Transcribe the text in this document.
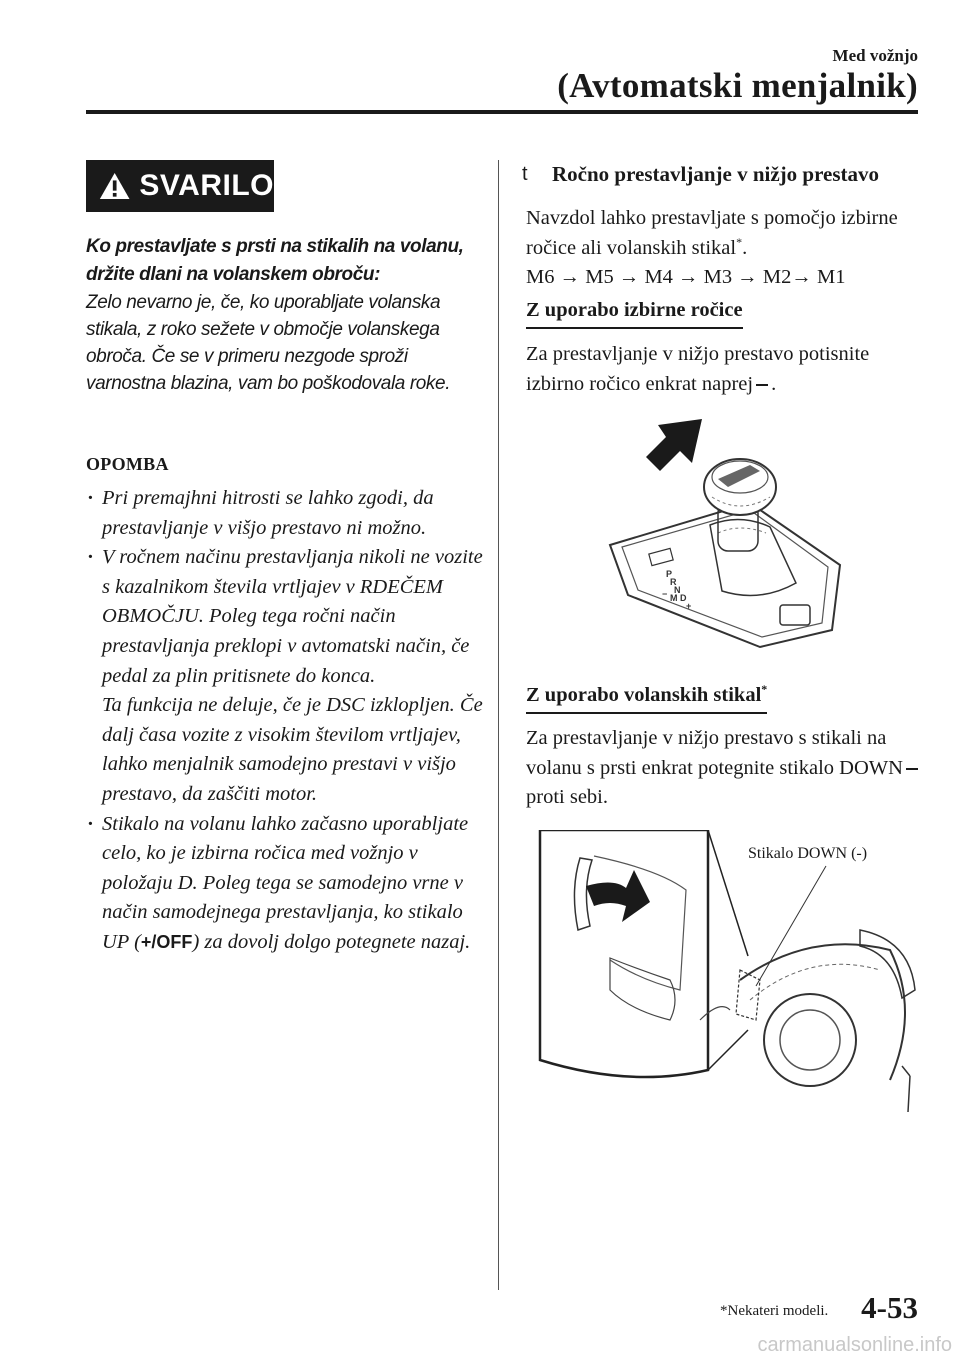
Med vožnjo
(Avtomatski menjalnik)
SVARILO
Ko prestavljate s prsti na stikalih na volanu, držite dlani na volanskem obroču:
Zelo nevarno je, če, ko uporabljate volanska stikala, z roko sežete v območje volanskega obroča. Če se v primeru nezgode sproži varnostna blazina, vam bo poškodovala roke.
OPOMBA
· Pri premajhni hitrosti se lahko zgodi, da prestavljanje v višjo prestavo ni možno.
· V ročnem načinu prestavljanja nikoli ne vozite s kazalnikom števila vrtljajev v RDEČEM OBMOČJU. Poleg tega ročni način prestavljanja preklopi v avtomatski način, če pedal za plin pritisnete do konca.
Ta funkcija ne deluje, če je DSC izklopljen. Če dalj časa vozite z visokim številom vrtljajev, lahko menjalnik samodejno prestavi v višjo prestavo, da zaščiti motor.
· Stikalo na volanu lahko začasno uporabljate celo, ko je izbirna ročica med vožnjo v položaju D. Poleg tega se samodejno vrne v način samodejnega prestavljanja, ko stikalo UP (+/OFF) za dovolj dolgo potegnete nazaj.
t Ročno prestavljanje v nižjo prestavo
Navzdol lahko prestavljate s pomočjo izbirne ročice ali volanskih stikal*.
M6 → M5 → M4 → M3 → M2→ M1
Z uporabo izbirne ročice
Za prestavljanje v nižjo prestavo potisnite izbirno ročico enkrat naprej .
P
R
N
D
M
+
−
Z uporabo volanskih stikal*
Za prestavljanje v nižjo prestavo s stikali na volanu s prsti enkrat potegnite stikalo DOWNproti sebi.
Stikalo DOWN (-)
*Nekateri modeli. 4-53
carmanualsonline.info
